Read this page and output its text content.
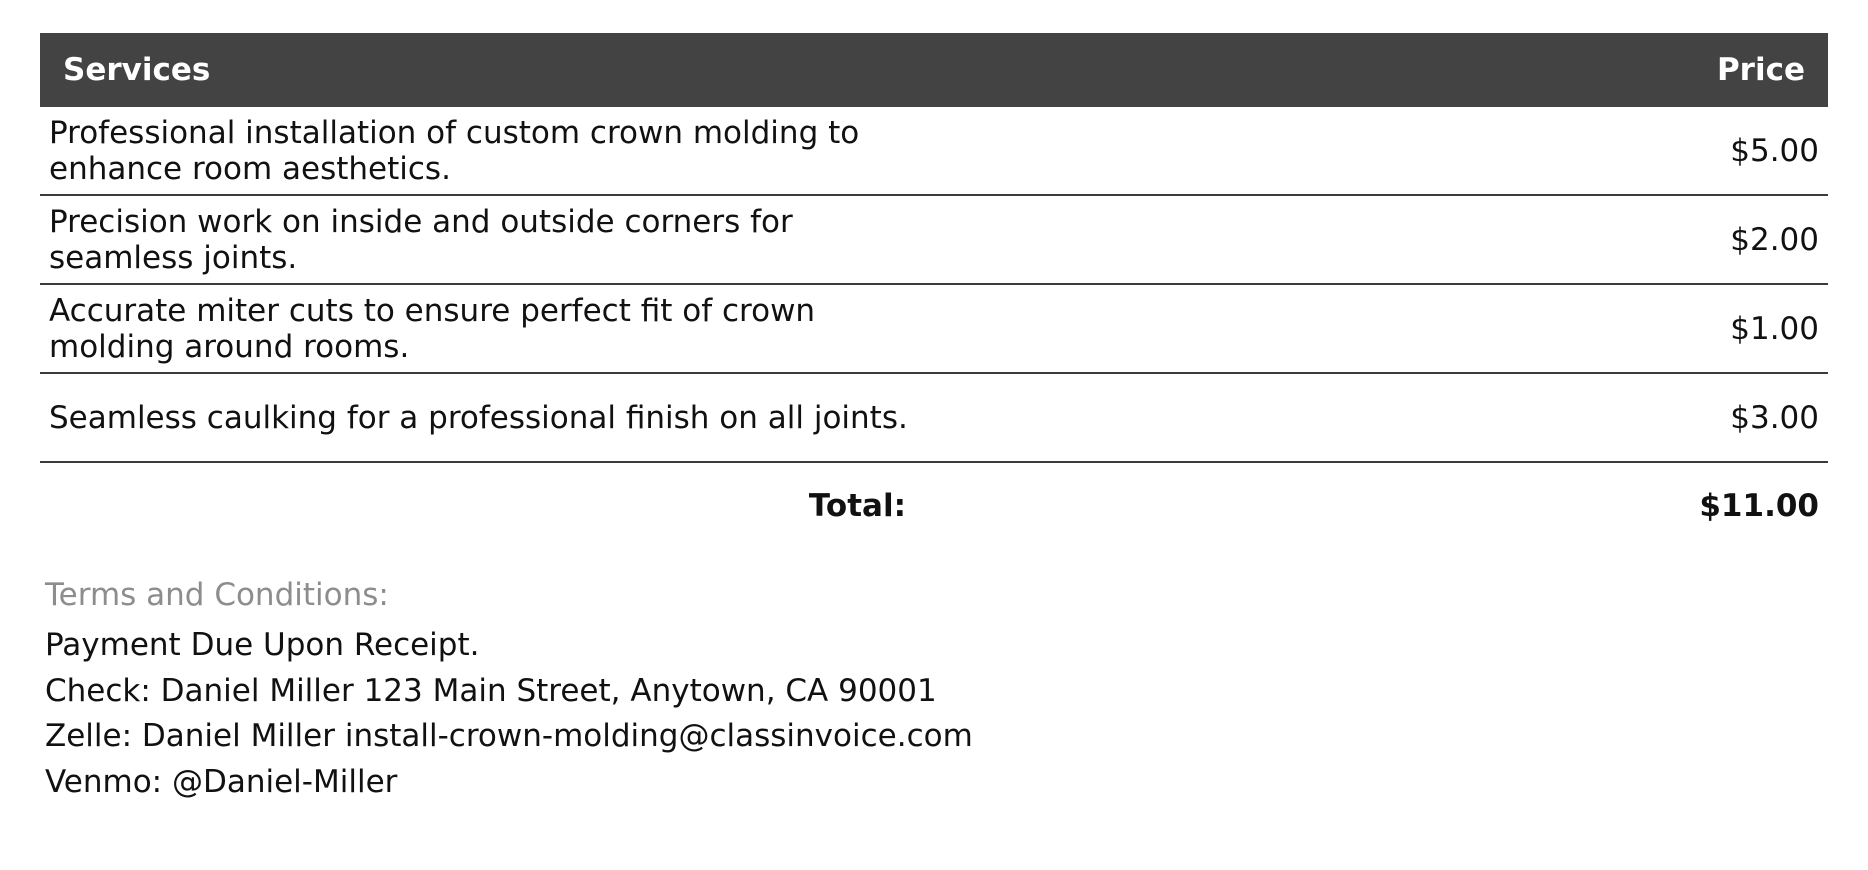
Services	Price
Professional installation of custom crown molding to enhance room aesthetics.	$5.00
Precision work on inside and outside corners for seamless joints.	$2.00
Accurate miter cuts to ensure perfect fit of crown molding around rooms.	$1.00
Seamless caulking for a professional finish on all joints.	$3.00
Total:	$11.00
Terms and Conditions:
Payment Due Upon Receipt.
Check: Daniel Miller 123 Main Street, Anytown, CA 90001
Zelle: Daniel Miller install-crown-molding@classinvoice.com
Venmo: @Daniel-Miller
